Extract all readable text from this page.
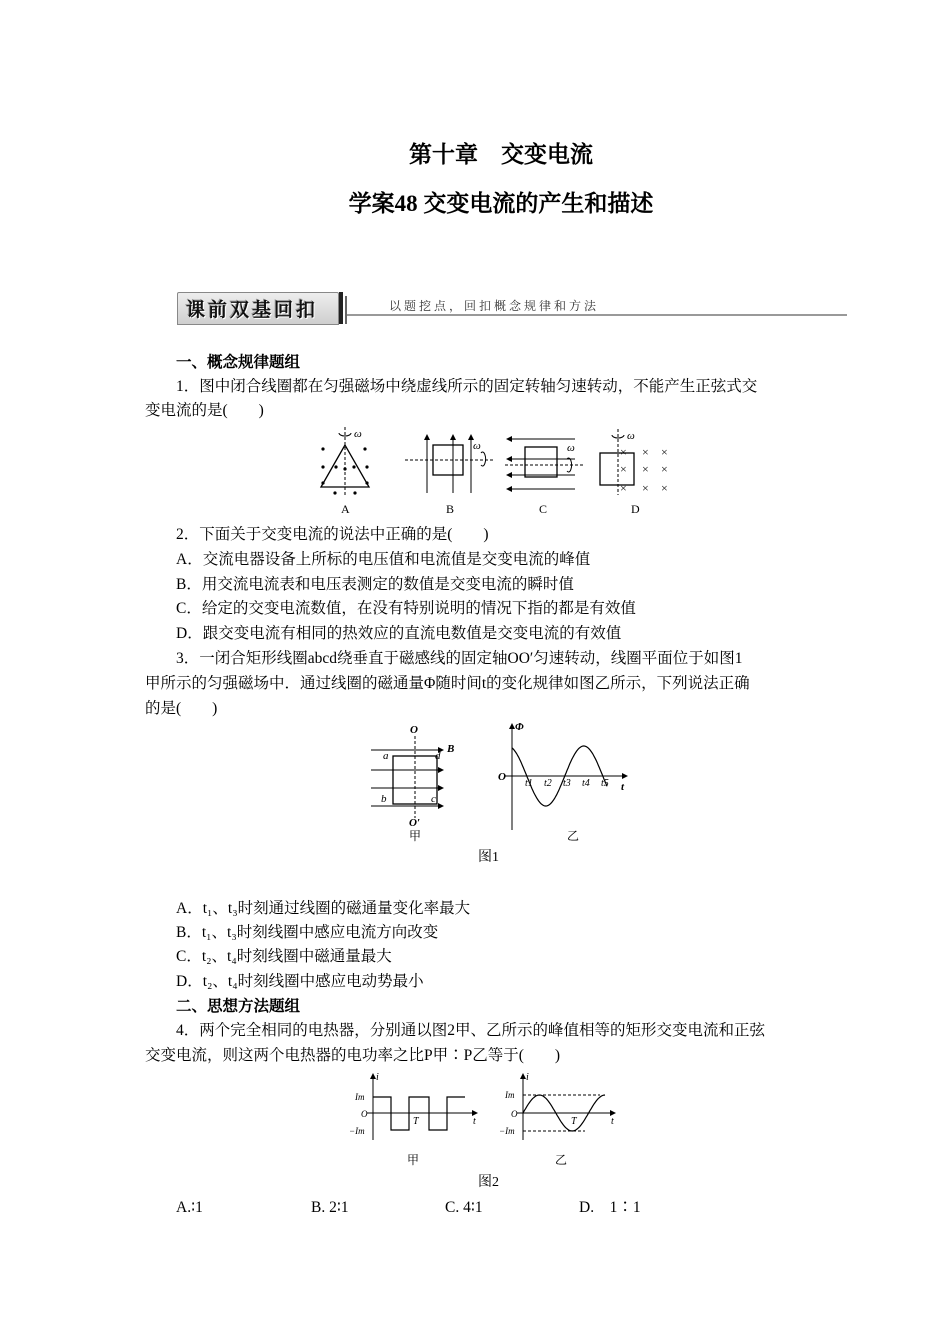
第十章　交变电流
学案48 交变电流的产生和描述
课前双基回扣	以题挖点，回扣概念规律和方法
一、概念规律题组
1．图中闭合线圈都在匀强磁场中绕虚线所示的固定转轴匀速转动，不能产生正弦式交
变电流的是(　　)
ω
A
ω
B
ω
C
ω
× × ×
× × ×
× × ×
D
2．下面关于交变电流的说法中正确的是(　　)
A．交流电器设备上所标的电压值和电流值是交变电流的峰值
B．用交流电流表和电压表测定的数值是交变电流的瞬时值
C．给定的交变电流数值，在没有特别说明的情况下指的都是有效值
D．跟交变电流有相同的热效应的直流电数值是交变电流的有效值
3．一闭合矩形线圈abcd绕垂直于磁感线的固定轴OO′匀速转动，线圈平面位于如图1
甲所示的匀强磁场中．通过线圈的磁通量Φ随时间t的变化规律如图乙所示，下列说法正确
的是(　　)
O
B
a	d
b	c
O′
甲
Φ
O
t
t1 t2 t3 t4 t5
乙
图1
A．t₁、t₃时刻通过线圈的磁通量变化率最大
B．t₁、t₃时刻线圈中感应电流方向改变
C．t₂、t₄时刻线圈中磁通量最大
D．t₂、t₄时刻线圈中感应电动势最小
二、思想方法题组
4．两个完全相同的电热器，分别通以图2甲、乙所示的峰值相等的矩形交变电流和正弦
交变电流，则这两个电热器的电功率之比P甲∶P乙等于(　　)
i
Im
O
−Im
T	t
甲
i
Im
O
−Im
T	t
乙
图2
A.∶1	B. 2∶1	C. 4∶1	D.　1∶1
